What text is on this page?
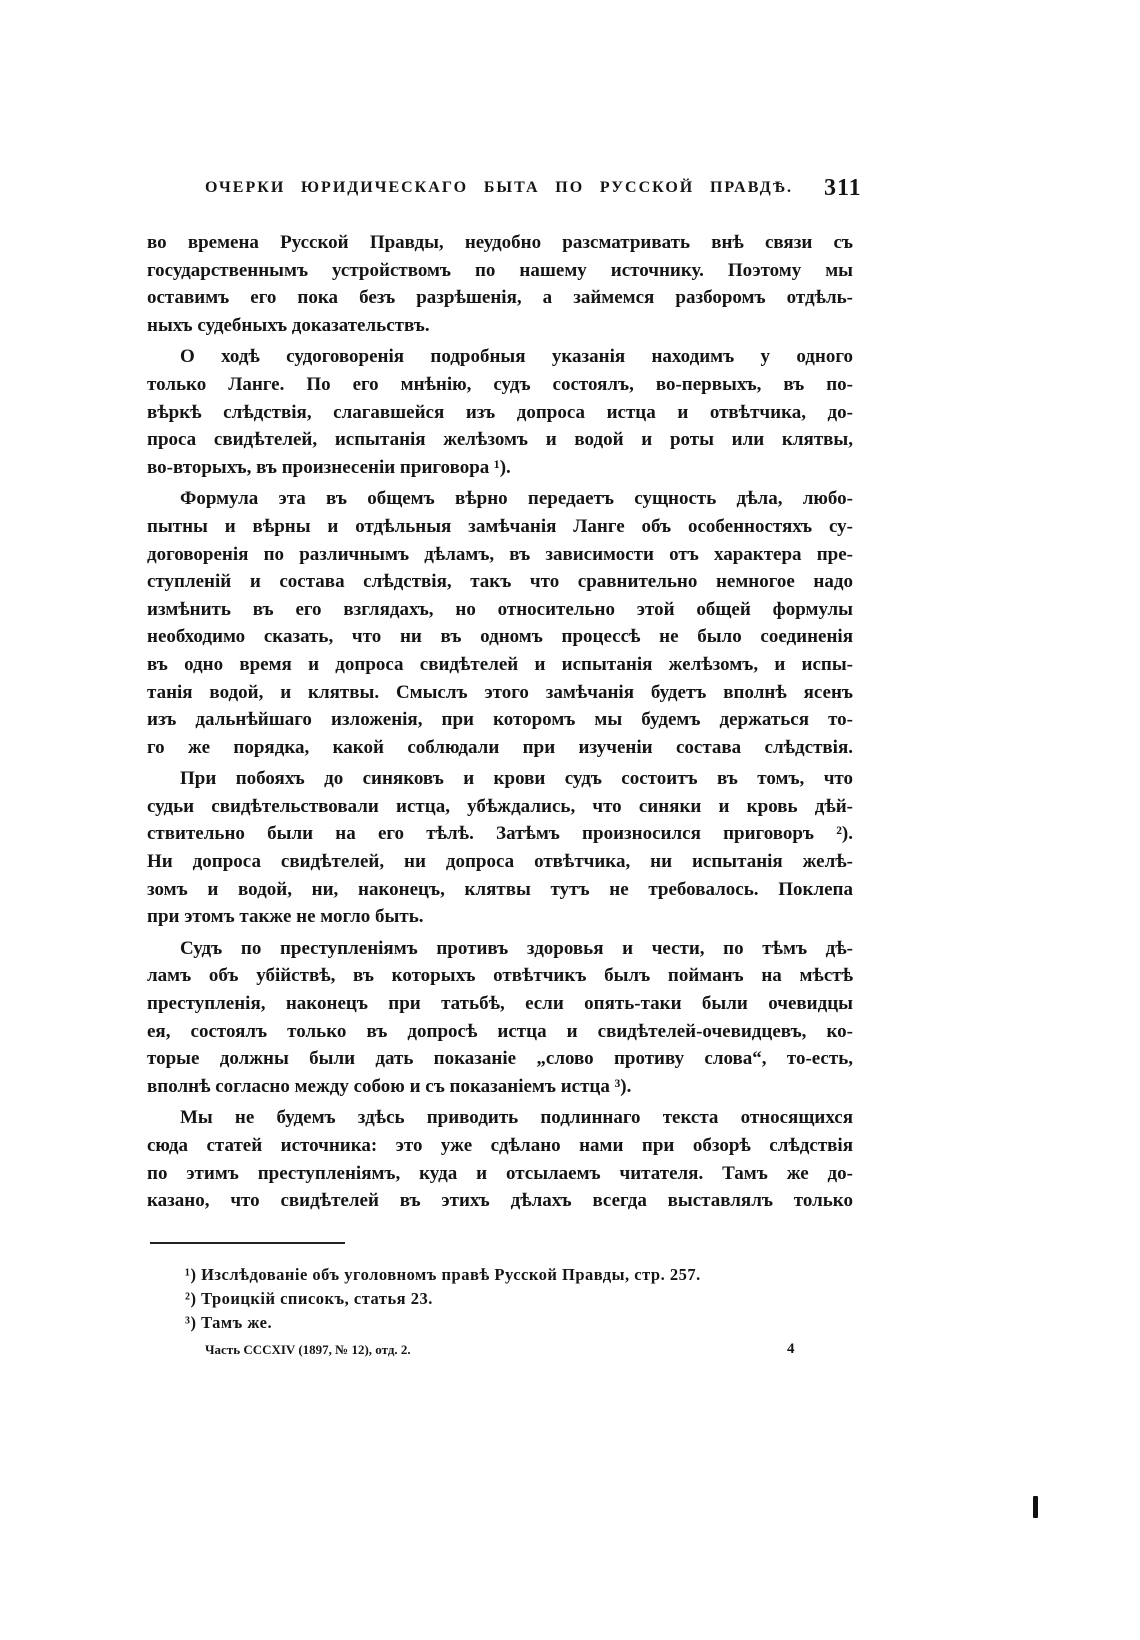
ОЧЕРКИ ЮРИДИЧЕСКАГО БЫТА ПО РУССКОЙ ПРАВДѢ. 311
во времена Русской Правды, неудобно разсматривать внѣ связи съ
государственнымъ устройствомъ по нашему источнику. Поэтому мы
оставимъ его пока безъ разрѣшенія, а займемся разборомъ отдѣль-
ныхъ судебныхъ доказательствъ.
О ходѣ судоговоренія подробныя указанія находимъ у одного
только Ланге. По его мнѣнію, судъ состоялъ, во-первыхъ, въ по-
вѣркѣ слѣдствія, слагавшейся изъ допроса истца и отвѣтчика, до-
проса свидѣтелей, испытанія желѣзомъ и водой и роты или клятвы,
во-вторыхъ, въ произнесеніи приговора ¹).
Формула эта въ общемъ вѣрно передаетъ сущность дѣла, любо-
пытны и вѣрны и отдѣльныя замѣчанія Ланге объ особенностяхъ су-
договоренія по различнымъ дѣламъ, въ зависимости отъ характера пре-
ступленій и состава слѣдствія, такъ что сравнительно немногое надо
измѣнить въ его взглядахъ, но относительно этой общей формулы
необходимо сказать, что ни въ одномъ процессѣ не было соединенія
въ одно время и допроса свидѣтелей и испытанія желѣзомъ, и испы-
танія водой, и клятвы. Смыслъ этого замѣчанія будетъ вполнѣ ясенъ
изъ дальнѣйшаго изложенія, при которомъ мы будемъ держаться то-
го же порядка, какой соблюдали при изученіи состава слѣдствія.
При побояхъ до синяковъ и крови судъ состоитъ въ томъ, что
судьи свидѣтельствовали истца, убѣждались, что синяки и кровь дѣй-
ствительно были на его тѣлѣ. Затѣмъ произносился приговоръ ²).
Ни допроса свидѣтелей, ни допроса отвѣтчика, ни испытанія желѣ-
зомъ и водой, ни, наконецъ, клятвы тутъ не требовалось. Поклепа
при этомъ также не могло быть.
Судъ по преступленіямъ противъ здоровья и чести, по тѣмъ дѣ-
ламъ объ убійствѣ, въ которыхъ отвѣтчикъ былъ пойманъ на мѣстѣ
преступленія, наконецъ при татьбѣ, если опять-таки были очевидцы
ея, состоялъ только въ допросѣ истца и свидѣтелей-очевидцевъ, ко-
торые должны были дать показаніе „слово противу слова“, то-есть,
вполнѣ согласно между собою и съ показаніемъ истца ³).
Мы не будемъ здѣсь приводить подлиннаго текста относящихся
сюда статей источника: это уже сдѣлано нами при обзорѣ слѣдствія
по этимъ преступленіямъ, куда и отсылаемъ читателя. Тамъ же до-
казано, что свидѣтелей въ этихъ дѣлахъ всегда выставлялъ только
¹) Изслѣдованіе объ уголовномъ правѣ Русской Правды, стр. 257.
²) Троицкій списокъ, статья 23.
³) Тамъ же.
Часть CCCXIV (1897, № 12), отд. 2.	4
